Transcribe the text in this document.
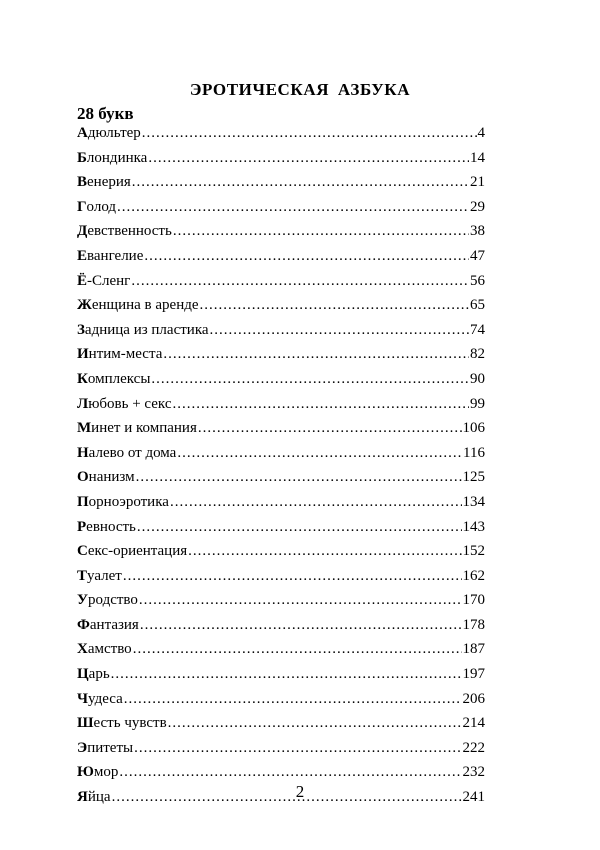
ЭРОТИЧЕСКАЯ АЗБУКА
28 букв
Адюльтер .....	4
Блондинка .....	14
Венерия .....	21
Голод .....	29
Девственность .....	38
Евангелие .....	47
Ё-Сленг .....	56
Женщина в аренде .....	65
Задница из пластика .....	74
Интим-места .....	82
Комплексы .....	90
Любовь + секс .....	99
Минет и компания .....	106
Налево от дома .....	116
Онанизм .....	125
Порноэротика .....	134
Ревность .....	143
Секс-ориентация .....	152
Туалет .....	162
Уродство .....	170
Фантазия .....	178
Хамство .....	187
Царь .....	197
Чудеса .....	206
Шесть чувств .....	214
Эпитеты .....	222
Юмор .....	232
Яйца .....	241
2
